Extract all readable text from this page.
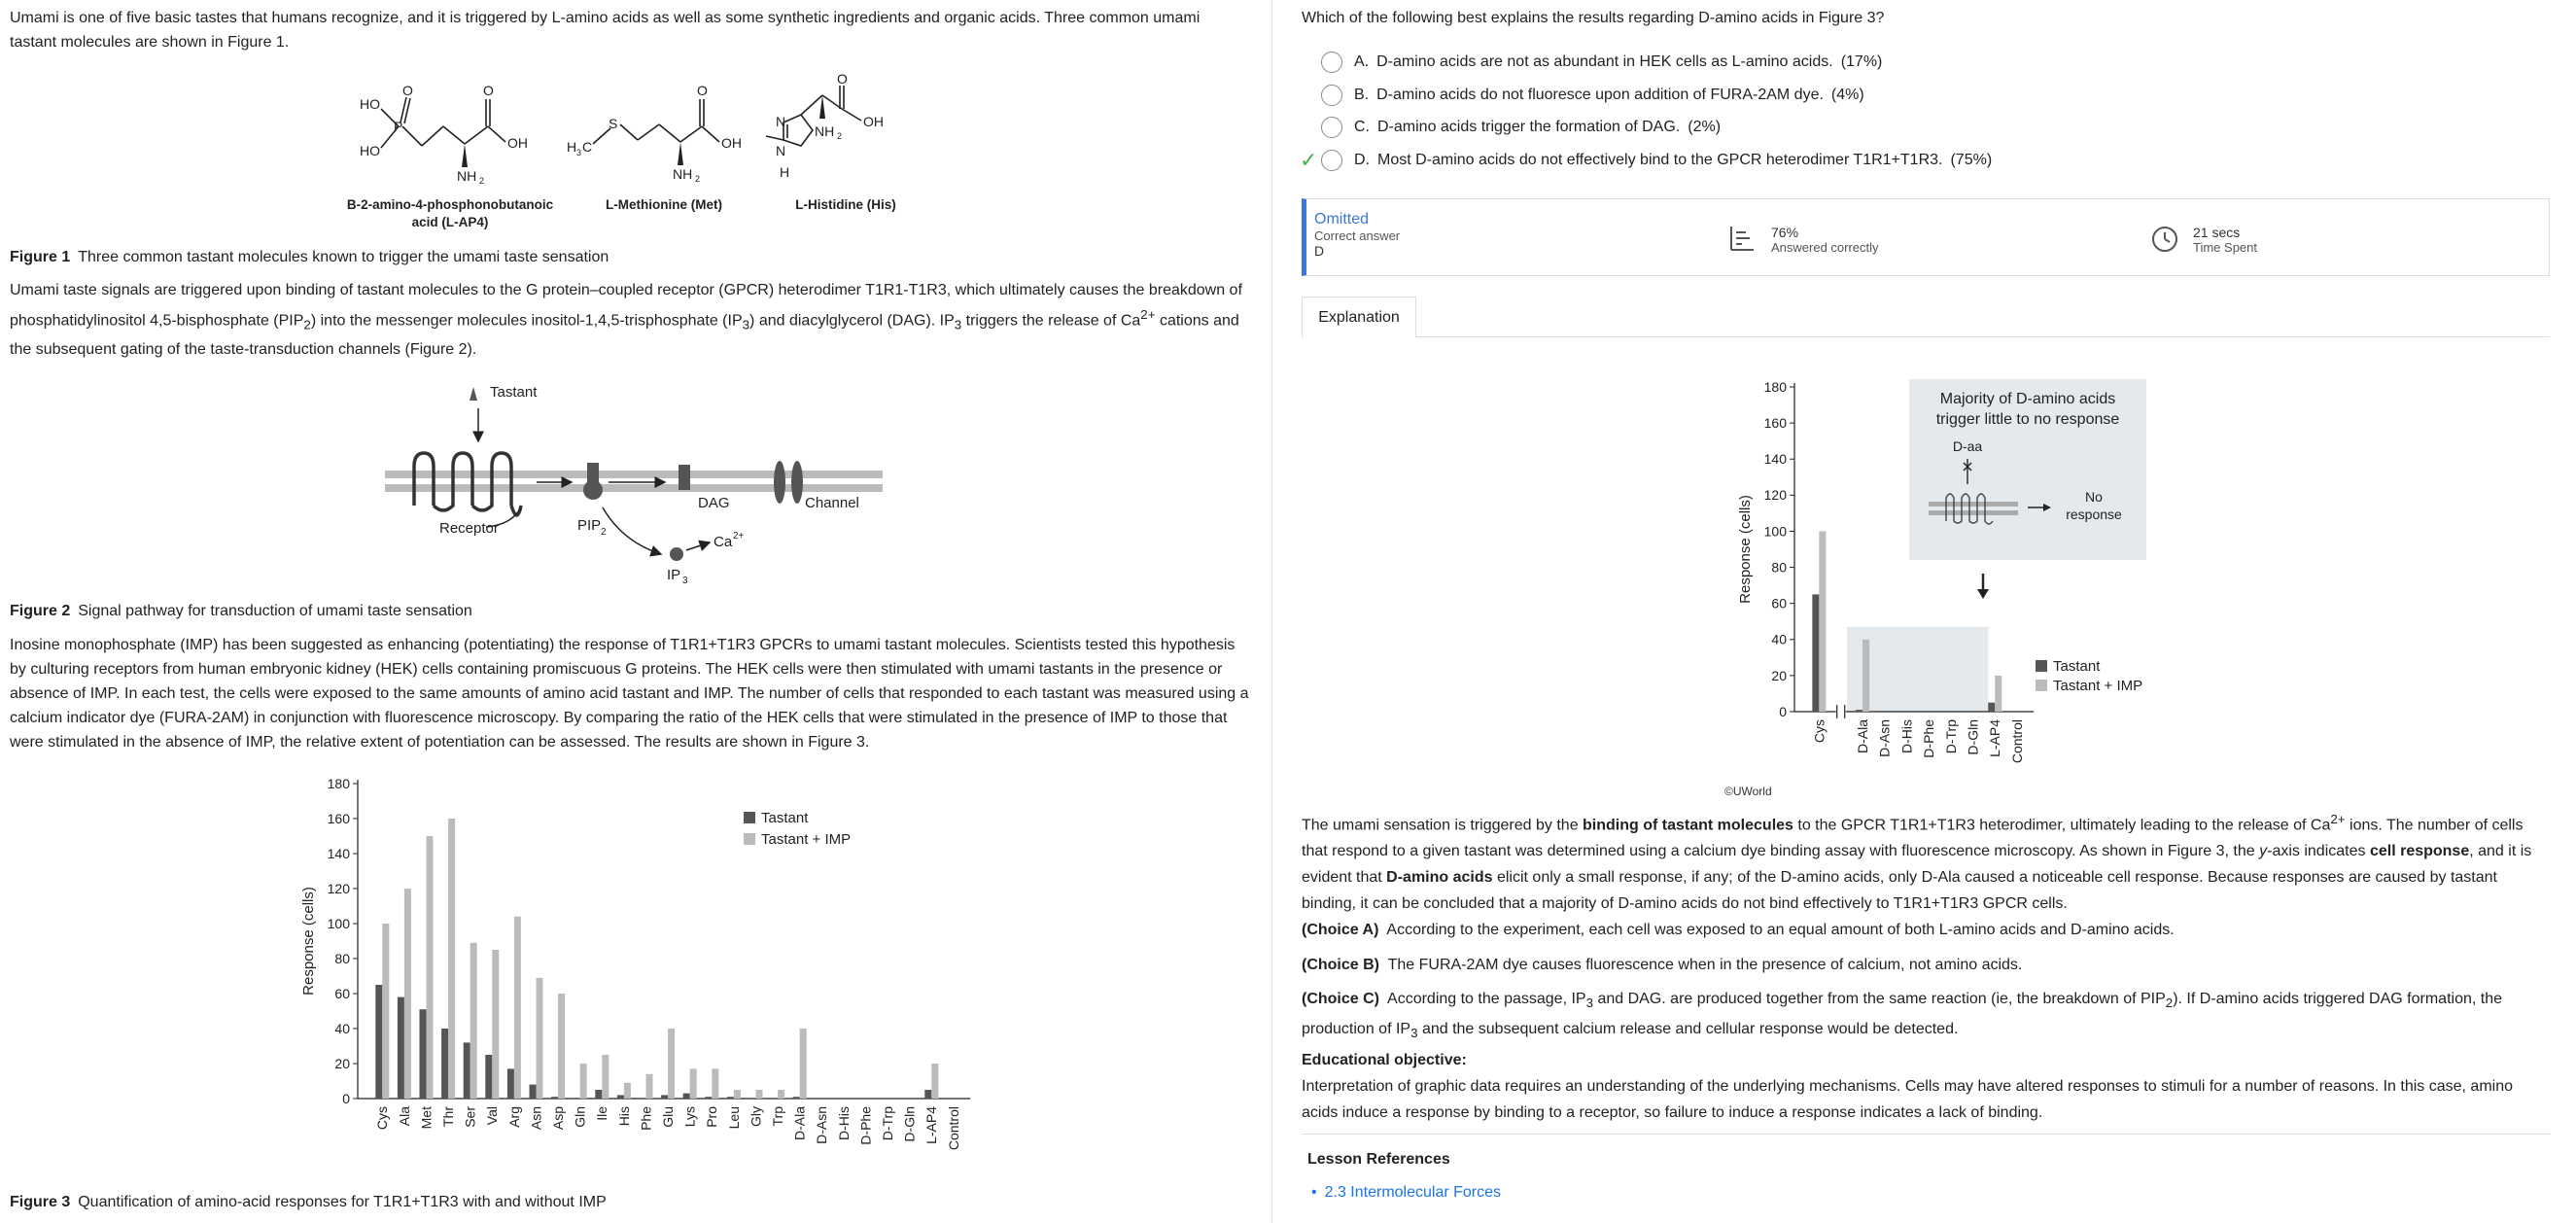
Umami is one of five basic tastes that humans recognize, and it is triggered by L-amino acids as well as some synthetic ingredients and organic acids. Three common umami tastant molecules are shown in Figure 1.
HO
O
P
HO
O
OH
NH 2
H 3 C
S
O
OH
NH 2
N
N
H
O
OH
NH 2
B-2-amino-4-phosphonobutanoic
acid (L-AP4)
L-Methionine (Met)	L-Histidine (His)
Figure 1 Three common tastant molecules known to trigger the umami taste sensation
Umami taste signals are triggered upon binding of tastant molecules to the G protein–coupled receptor (GPCR) heterodimer T1R1-T1R3, which ultimately causes the breakdown of phosphatidylinositol 4,5-bisphosphate $(PIP_2)$ into the messenger molecules inositol-1,4,5-trisphosphate $(IP_3)$ and diacylglycerol (DAG). $IP_3$ triggers the release of $Ca^{2+}$ cations and the subsequent gating of the taste-transduction channels (Figure 2).
Tastant
Receptor	PIP 2
DAG
IP 3
Ca 2+
Channel
Figure 2 Signal pathway for transduction of umami taste sensation
Inosine monophosphate (IMP) has been suggested as enhancing (potentiating) the response of T1R1+T1R3 GPCRs to umami tastant molecules. Scientists tested this hypothesis by culturing receptors from human embryonic kidney (HEK) cells containing promiscuous G proteins. The HEK cells were then stimulated with umami tastants in the presence or absence of IMP. In each test, the cells were exposed to the same amounts of amino acid tastant and IMP. The number of cells that responded to each tastant was measured using a calcium indicator dye (FURA-2AM) in conjunction with fluorescence microscopy. By comparing the ratio of the HEK cells that were stimulated in the presence of IMP to those that were stimulated in the absence of IMP, the relative extent of potentiation can be assessed. The results are shown in Figure 3.
0
20
40
60
80
100
120
140
160
180
Response (cells)
Cys Ala Met Thr Ser Val Arg Asn Asp Gln Ile His Phe Glu Lys Pro Leu Gly Trp D-Ala D-Asn D-His D-Phe D-Trp D-Gln L-AP4 Control
Tastant
Tastant + IMP
Figure 3 Quantification of amino-acid responses for T1R1+T1R3 with and without IMP
Which of the following best explains the results regarding D-amino acids in Figure 3?
A. D-amino acids are not as abundant in HEK cells as L-amino acids. (17%)
B. D-amino acids do not fluoresce upon addition of FURA-2AM dye. (4%)
C. D-amino acids trigger the formation of DAG. (2%)
✓ D. Most D-amino acids do not effectively bind to the GPCR heterodimer T1R1+T1R3. (75%)
Omitted
Correct answer
D
76%
Answered correctly
21 secs
Time Spent
Explanation
0
20
40
60
80
100
120
140
160
180
Response (cells)
Cys D-Ala D-Asn D-His D-Phe D-Trp D-Gln L-AP4 Control
Majority of D-amino acids
trigger little to no response
D-aa
No
response
Tastant
Tastant + IMP
©UWorld
The umami sensation is triggered by the binding of tastant molecules to the GPCR T1R1+T1R3 heterodimer, ultimately leading to the release of $Ca^{2+}$ ions. The number of cells that respond to a given tastant was determined using a calcium dye binding assay with fluorescence microscopy. As shown in Figure 3, the y-axis indicates cell response, and it is evident that D-amino acids elicit only a small response, if any; of the D-amino acids, only D-Ala caused a noticeable cell response. Because responses are caused by tastant binding, it can be concluded that a majority of D-amino acids do not bind effectively to T1R1+T1R3 GPCR cells.
(Choice A) According to the experiment, each cell was exposed to an equal amount of both L-amino acids and D-amino acids.
(Choice B) The FURA-2AM dye causes fluorescence when in the presence of calcium, not amino acids.
(Choice C) According to the passage, $IP_3$ and DAG. are produced together from the same reaction (ie, the breakdown of $PIP_2$). If D-amino acids triggered DAG formation, the production of $IP_3$ and the subsequent calcium release and cellular response would be detected.
Educational objective:
Interpretation of graphic data requires an understanding of the underlying mechanisms. Cells may have altered responses to stimuli for a number of reasons. In this case, amino acids induce a response by binding to a receptor, so failure to induce a response indicates a lack of binding.
Lesson References
• 2.3 Intermolecular Forces
